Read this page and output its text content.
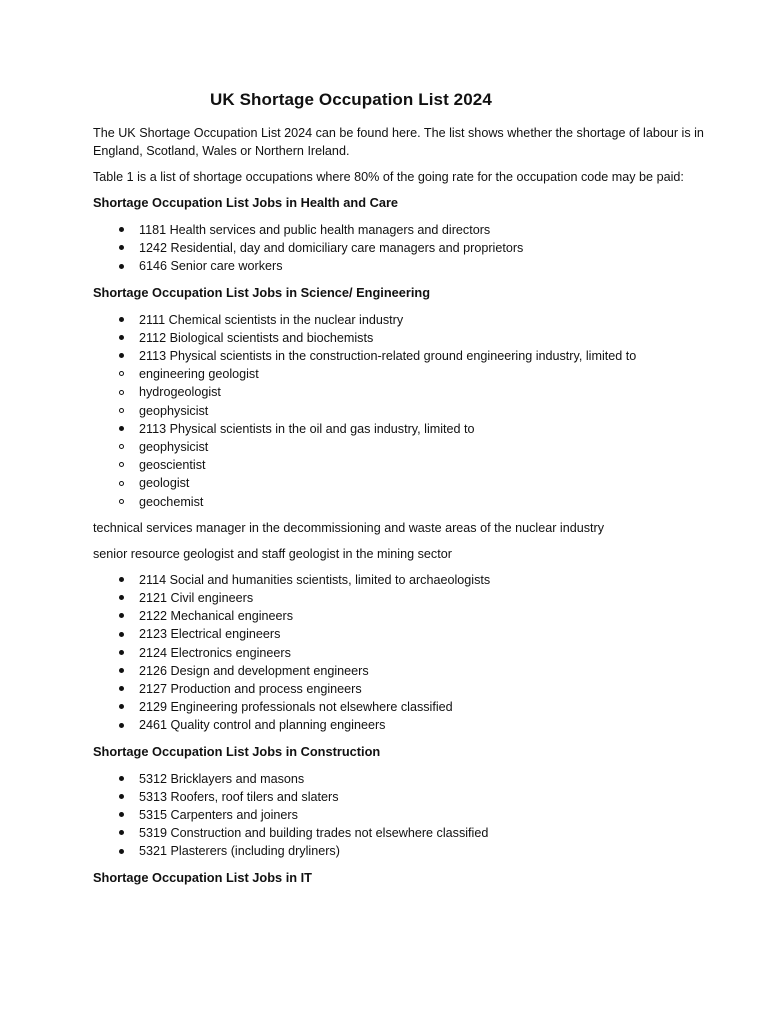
UK Shortage Occupation List 2024

The UK Shortage Occupation List 2024 can be found here. The list shows whether the shortage of labour is in England, Scotland, Wales or Northern Ireland.

Table 1 is a list of shortage occupations where 80% of the going rate for the occupation code may be paid:

Shortage Occupation List Jobs in Health and Care
1181 Health services and public health managers and directors
1242 Residential, day and domiciliary care managers and proprietors
6146 Senior care workers
Shortage Occupation List Jobs in Science/ Engineering
2111 Chemical scientists in the nuclear industry
2112 Biological scientists and biochemists
2113 Physical scientists in the construction-related ground engineering industry, limited to
engineering geologist
hydrogeologist
geophysicist
2113 Physical scientists in the oil and gas industry, limited to
geophysicist
geoscientist
geologist
geochemist

technical services manager in the decommissioning and waste areas of the nuclear industry

senior resource geologist and staff geologist in the mining sector

2114 Social and humanities scientists, limited to archaeologists
2121 Civil engineers
2122 Mechanical engineers
2123 Electrical engineers
2124 Electronics engineers
2126 Design and development engineers
2127 Production and process engineers
2129 Engineering professionals not elsewhere classified
2461 Quality control and planning engineers
Shortage Occupation List Jobs in Construction
5312 Bricklayers and masons
5313 Roofers, roof tilers and slaters
5315 Carpenters and joiners
5319 Construction and building trades not elsewhere classified
5321 Plasterers (including dryliners)
Shortage Occupation List Jobs in IT
